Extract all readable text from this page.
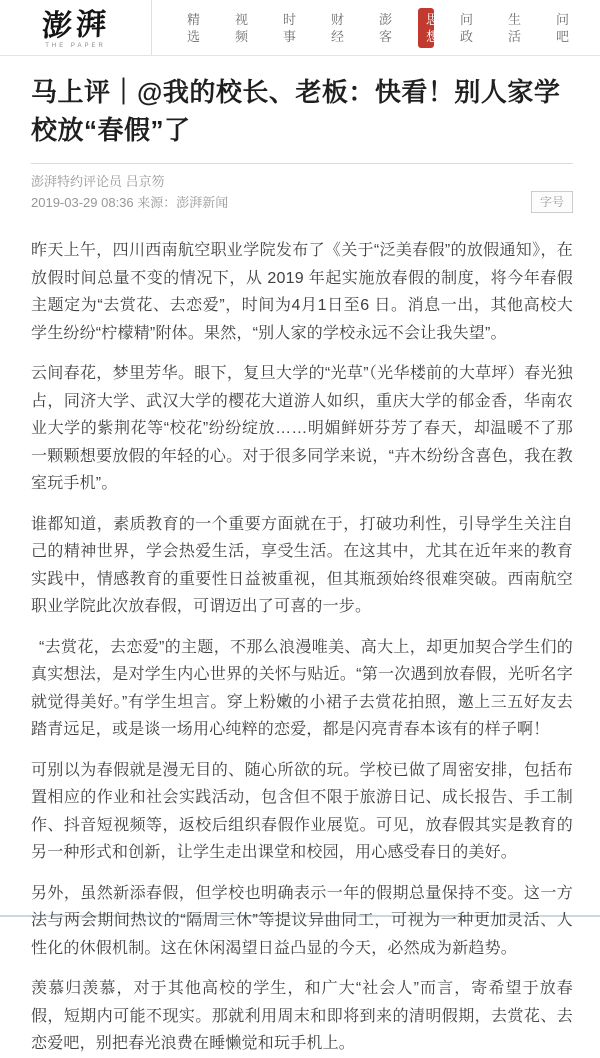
澎湃
THE PAPER
精选
视频
时事
财经
澎客
思想
问政
生活
问吧
马上评｜@我的校长、老板：快看！别人家学校放“春假”了
澎湃特约评论员 吕京笏
2019-03-29 08:36 来源：澎湃新闻	字号

昨天上午，四川西南航空职业学院发布了《关于“泛美春假”的放假通知》，在放假时间总量不变的情况下，从 2019 年起实施放春假的制度，将今年春假主题定为“去赏花、去恋爱”，时间为4月1日至6 日。消息一出，其他高校大学生纷纷“柠檬精”附体。果然，“别人家的学校永远不会让我失望”。

云间春花，梦里芳华。眼下，复旦大学的“光草”（光华楼前的大草坪）春光独占，同济大学、武汉大学的樱花大道游人如织，重庆大学的郁金香，华南农业大学的紫荆花等“校花”纷纷绽放……明媚鲜妍芬芳了春天，却温暖不了那一颗颗想要放假的年轻的心。对于很多同学来说，“卉木纷纷含喜色，我在教室玩手机”。

谁都知道，素质教育的一个重要方面就在于，打破功利性，引导学生关注自己的精神世界，学会热爱生活，享受生活。在这其中，尤其在近年来的教育实践中，情感教育的重要性日益被重视，但其瓶颈始终很难突破。西南航空职业学院此次放春假，可谓迈出了可喜的一步。

“去赏花，去恋爱”的主题，不那么浪漫唯美、高大上，却更加契合学生们的真实想法，是对学生内心世界的关怀与贴近。“第一次遇到放春假，光听名字就觉得美好。”有学生坦言。穿上粉嫩的小裙子去赏花拍照，邀上三五好友去踏青远足，或是谈一场用心纯粹的恋爱，都是闪亮青春本该有的样子啊！

可别以为春假就是漫无目的、随心所欲的玩。学校已做了周密安排，包括布置相应的作业和社会实践活动，包含但不限于旅游日记、成长报告、手工制作、抖音短视频等，返校后组织春假作业展览。可见，放春假其实是教育的另一种形式和创新，让学生走出课堂和校园，用心感受春日的美好。

另外，虽然新添春假，但学校也明确表示一年的假期总量保持不变。这一方法与两会期间热议的“隔周三休”等提议异曲同工，可视为一种更加灵活、人性化的休假机制。这在休闲渴望日益凸显的今天，必然成为新趋势。

羡慕归羡慕，对于其他高校的学生，和广大“社会人”而言，寄希望于放春假，短期内可能不现实。那就利用周末和即将到来的清明假期，去赏花、去恋爱吧，别把春光浪费在睡懒觉和玩手机上。
